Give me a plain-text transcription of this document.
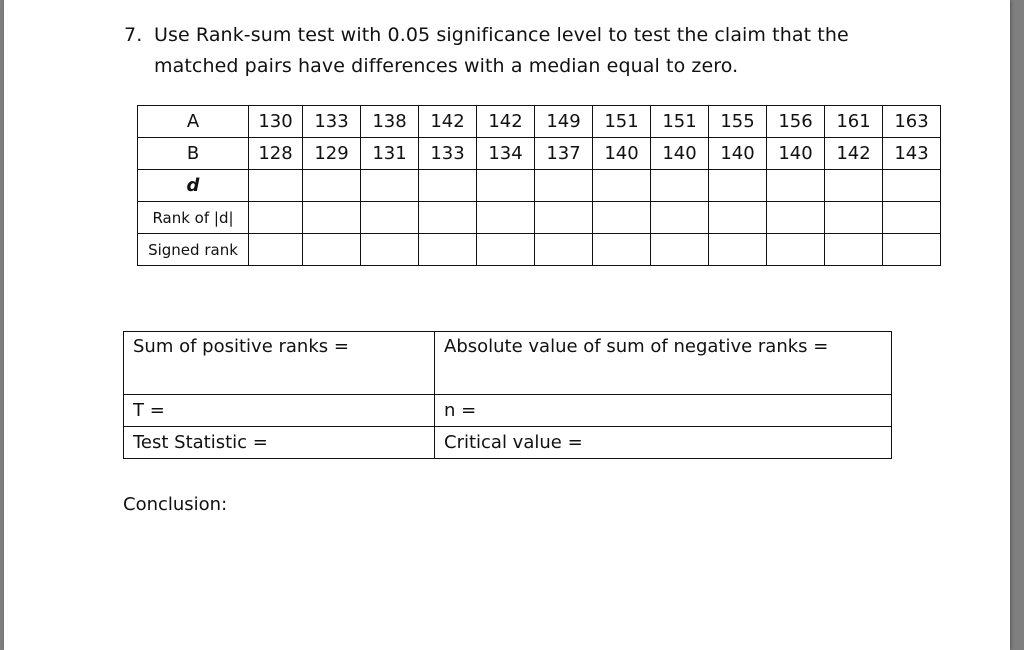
7. Use Rank-sum test with 0.05 significance level to test the claim that the
matched pairs have differences with a median equal to zero.
A	130	133	138	142	142	149	151	151	155	156	161	163
B	128	129	131	133	134	137	140	140	140	140	142	143
d												
Rank of |d|												
Signed rank												
Sum of positive ranks =	Absolute value of sum of negative ranks =
T =	n =
Test Statistic =	Critical value =
Conclusion:
